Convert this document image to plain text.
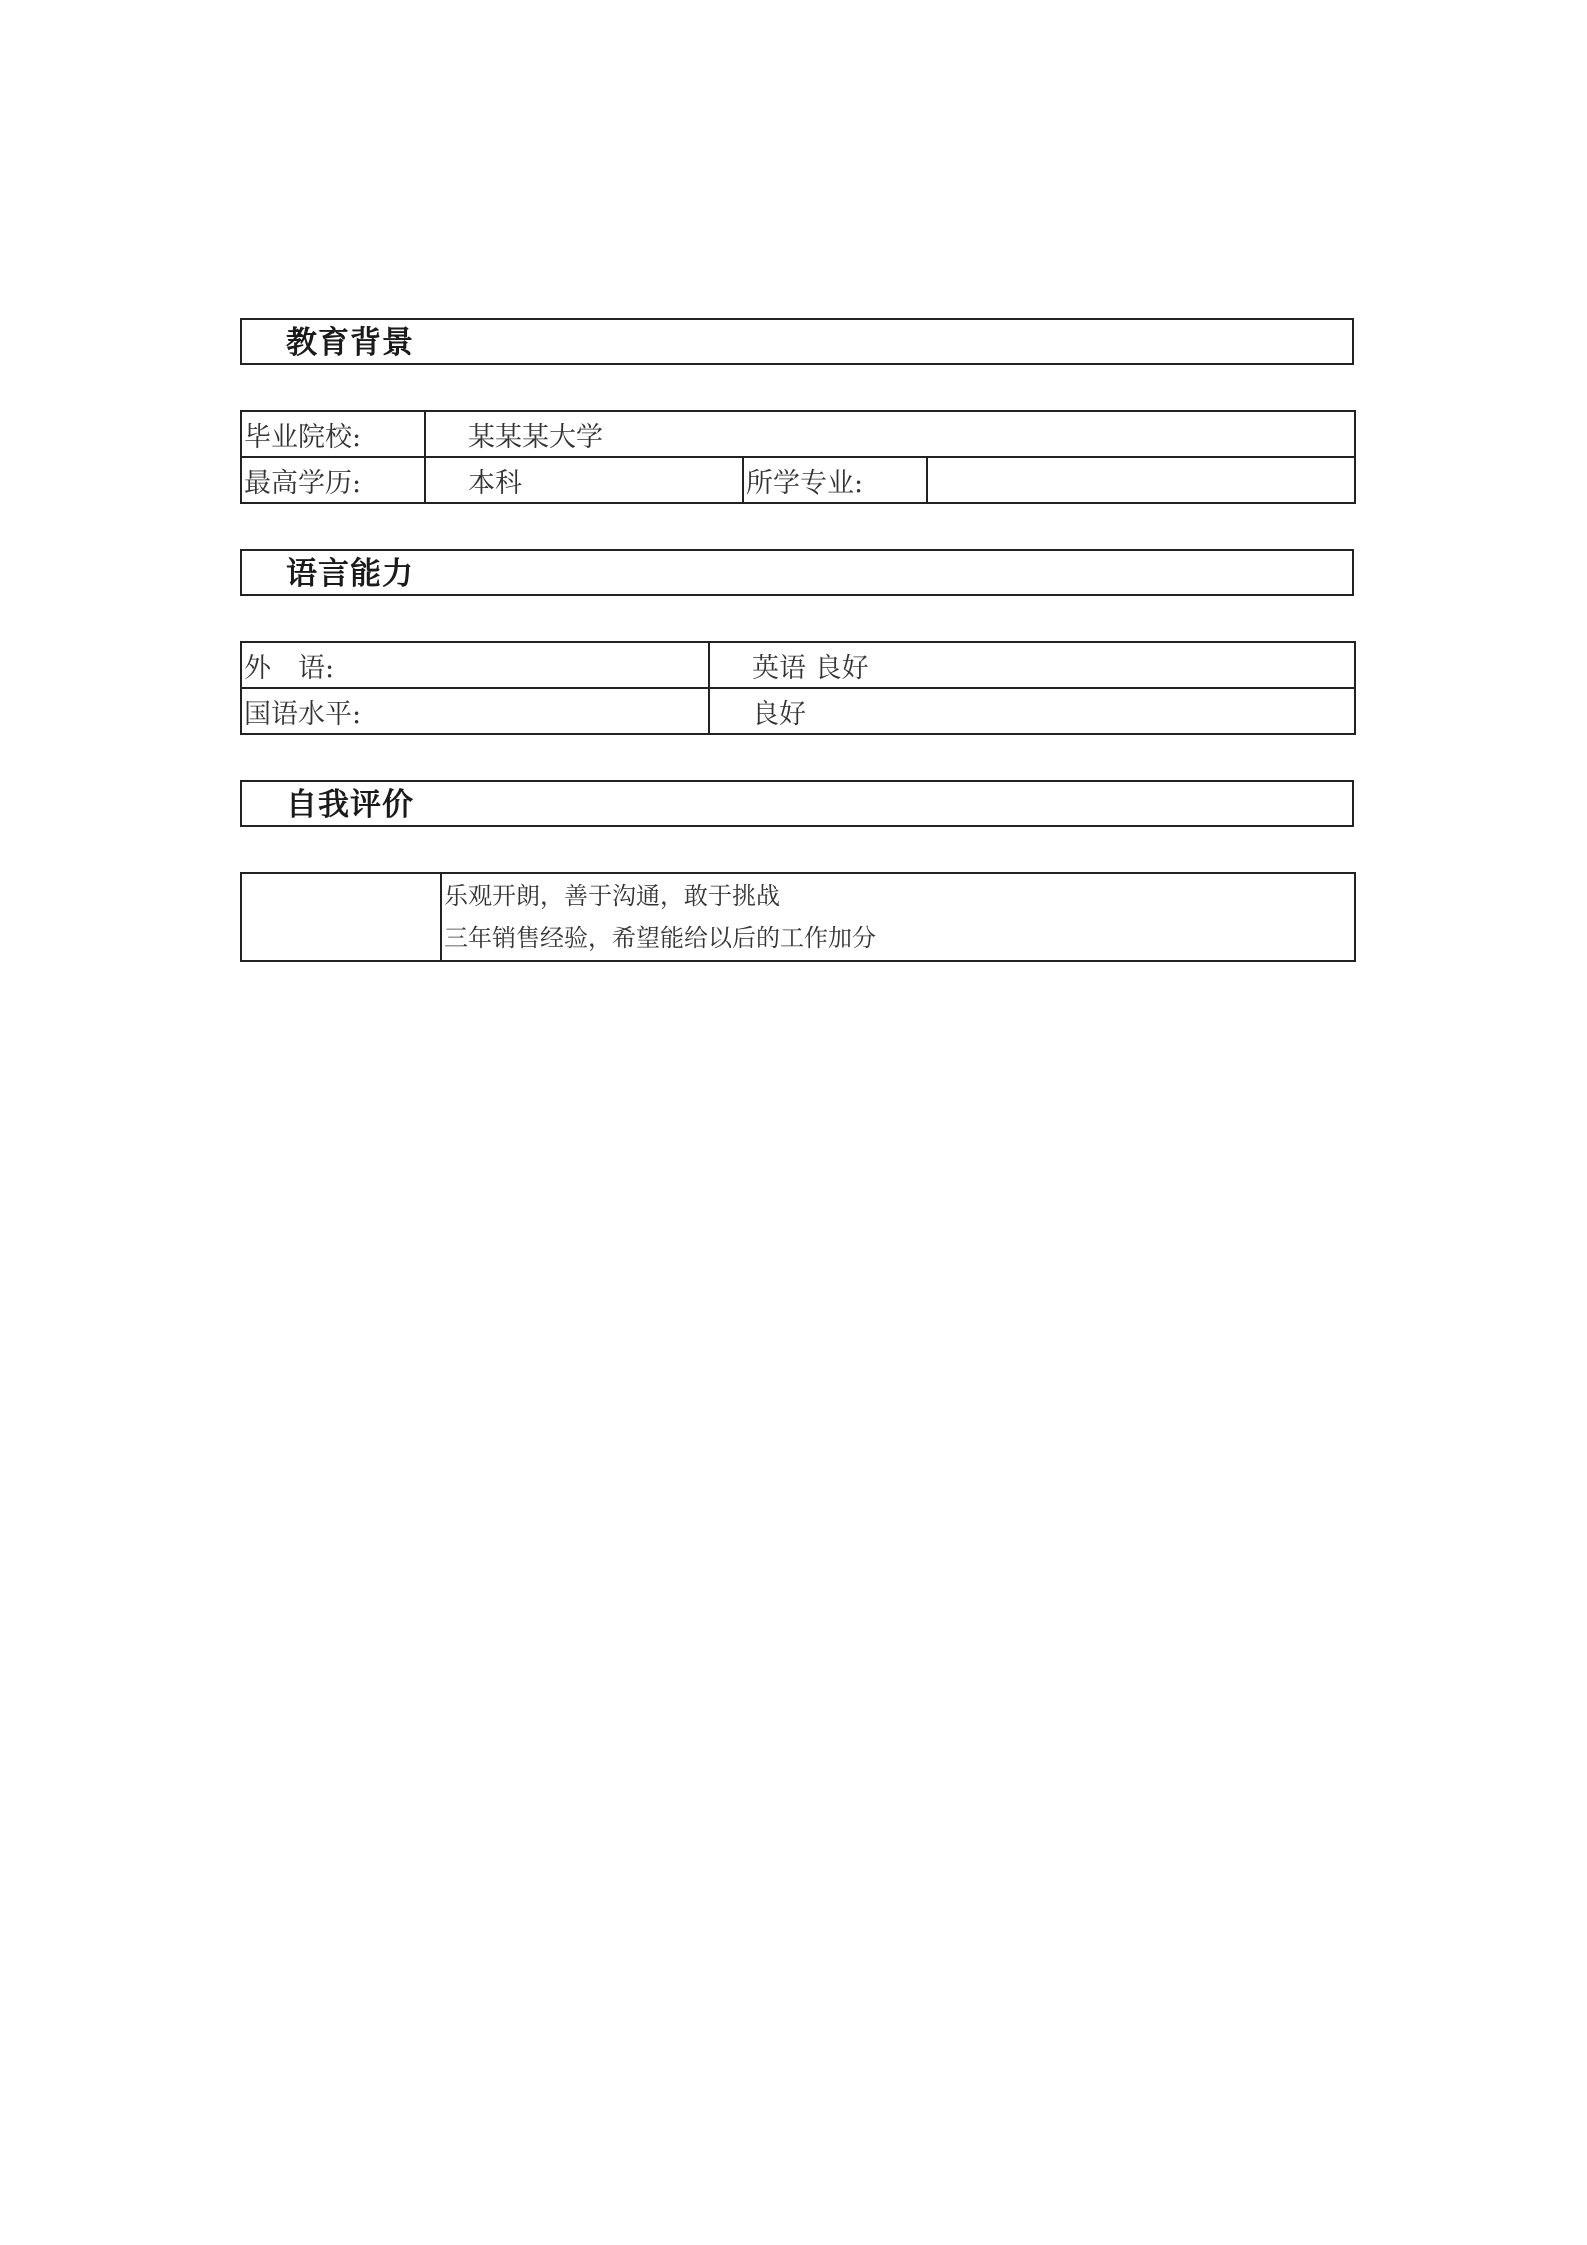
教育背景
毕业院校:	某某某大学		
最高学历:	本科	所学专业:	
语言能力
外　语:	英语 良好
国语水平:	良好
自我评价

乐观开朗，善于沟通，敢于挑战
三年销售经验，希望能给以后的工作加分
